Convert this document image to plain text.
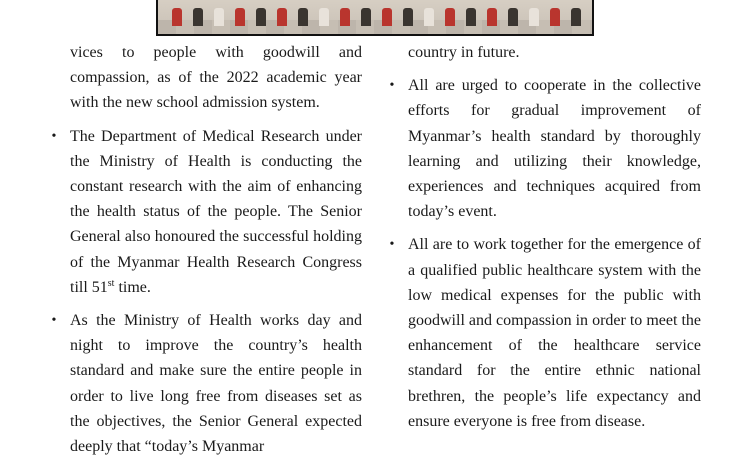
vices to people with goodwill and compassion, as of the 2022 academic year with the new school admission system.

• The Department of Medical Research under the Ministry of Health is conducting the constant research with the aim of enhancing the health status of the people. The Senior General also honoured the successful holding of the Myanmar Health Research Congress till 51st time.

• As the Ministry of Health works day and night to improve the country’s health standard and make sure the entire people in order to live long free from diseases set as the objectives, the Senior General expected deeply that “today’s Myanmar

country in future.

• All are urged to cooperate in the collective efforts for gradual improvement of Myanmar’s health standard by thoroughly learning and utilizing their knowledge, experiences and techniques acquired from today’s event.

• All are to work together for the emergence of a qualified public healthcare system with the low medical expenses for the public with goodwill and compassion in order to meet the enhancement of the healthcare service standard for the entire ethnic national brethren, the people’s life expectancy and ensure everyone is free from disease.
